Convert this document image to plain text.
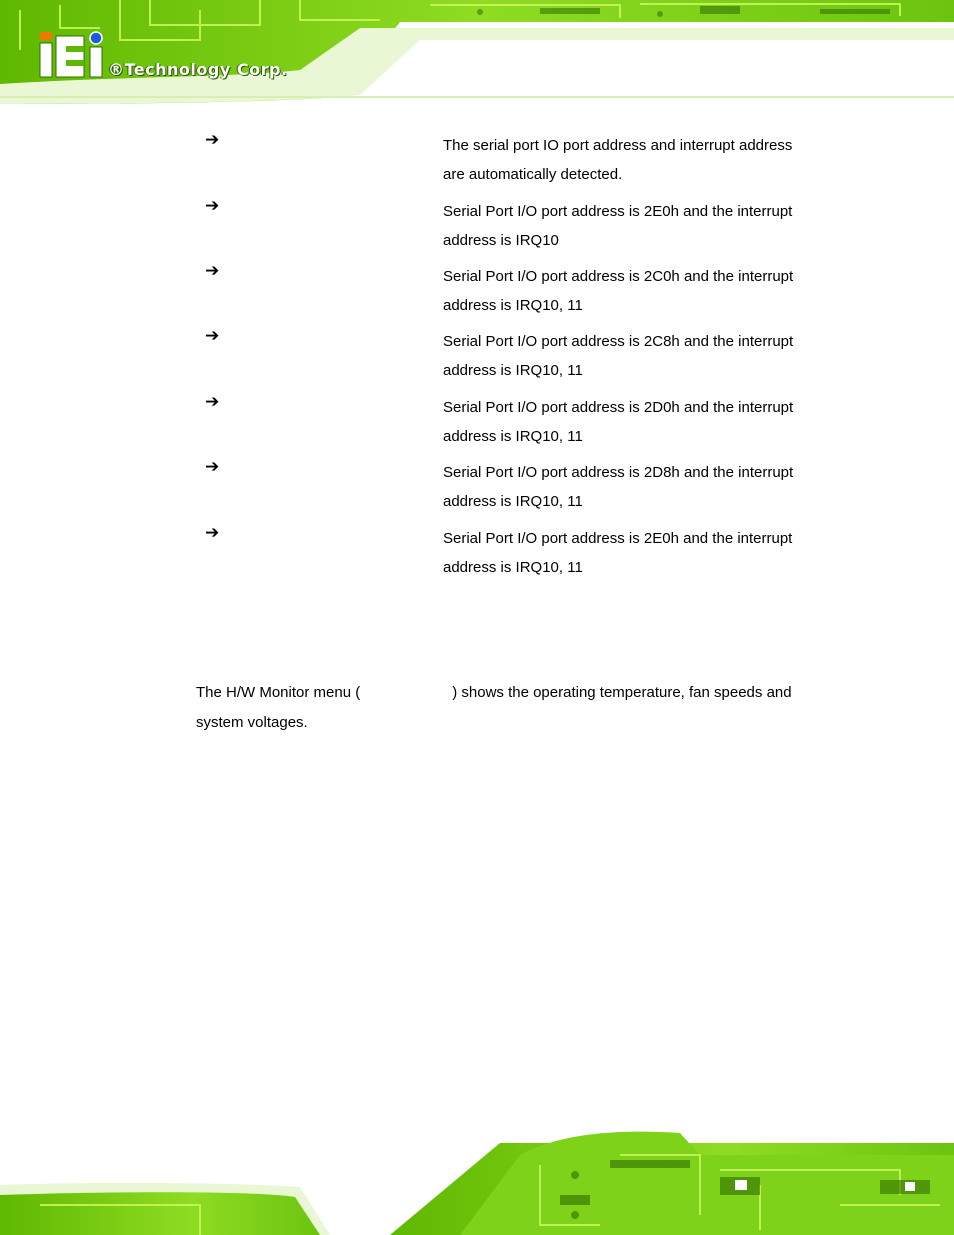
®Technology Corp.
➔	The serial port IO port address and interrupt address
are automatically detected.
➔	Serial Port I/O port address is 2E0h and the interrupt
address is IRQ10
➔	Serial Port I/O port address is 2C0h and the interrupt
address is IRQ10, 11
➔	Serial Port I/O port address is 2C8h and the interrupt
address is IRQ10, 11
➔	Serial Port I/O port address is 2D0h and the interrupt
address is IRQ10, 11
➔	Serial Port I/O port address is 2D8h and the interrupt
address is IRQ10, 11
➔	Serial Port I/O port address is 2E0h and the interrupt
address is IRQ10, 11
The H/W Monitor menu (	) shows the operating temperature, fan speeds and
system voltages.
